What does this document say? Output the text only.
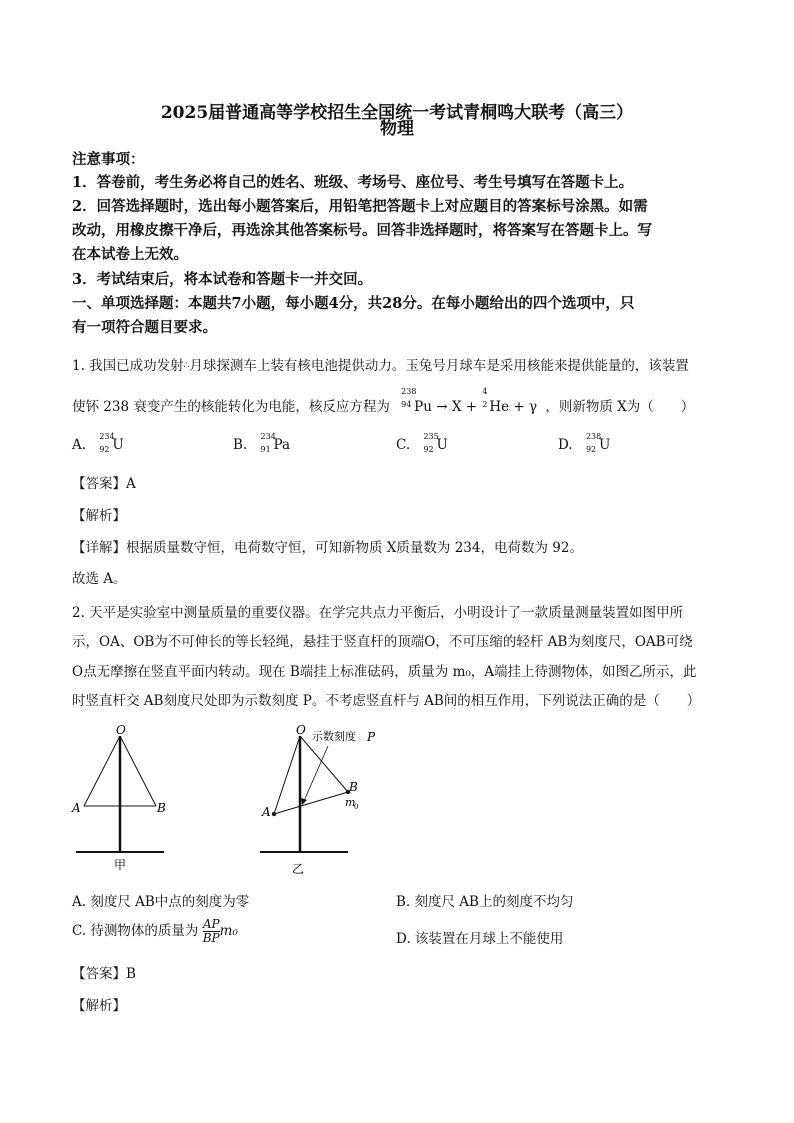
2025届普通高等学校招生全国统一考试青桐鸣大联考（高三）
物理
注意事项：
1．答卷前，考生务必将自己的姓名、班级、考场号、座位号、考生号填写在答题卡上。
2．回答选择题时，选出每小题答案后，用铅笔把答题卡上对应题目的答案标号涂黑。如需
改动，用橡皮擦干净后，再选涂其他答案标号。回答非选择题时，将答案写在答题卡上。写
在本试卷上无效。
3．考试结束后，将本试卷和答题卡一并交回。
一、单项选择题：本题共7小题，每小题4分，共28分。在每小题给出的四个选项中，只
有一项符合题目要求。
1. 我国已成功发射∴月球探测车上装有核电池提供动力。玉兔号月球车是采用核能来提供能量的，该装置
使钚 238 衰变产生的核能转化为电能，核反应方程为
238
94 Pu → X +
4
2 He + γ ，则新物质 X为（　　）
A.
234
92 U	B.
234
91 Pa	C.
235
92 U	D.
238
92 U
【答案】A
【解析】
【详解】根据质量数守恒，电荷数守恒，可知新物质 X质量数为 234，电荷数为 92。
故选 A。
2. 天平是实验室中测量质量的重要仪器。在学完共点力平衡后，小明设计了一款质量测量装置如图甲所
示，OA、OB为不可伸长的等长轻绳，悬挂于竖直杆的顶端O，不可压缩的轻杆 AB为刻度尺，OAB可绕
O点无摩擦在竖直平面内转动。现在 B端挂上标准砝码，质量为 m₀，A端挂上待测物体，如图乙所示，此
时竖直杆交 AB刻度尺处即为示数刻度 P。不考虑竖直杆与 AB间的相互作用，下列说法正确的是（　　）
O
A	B
甲
O 示数刻度 P
A
B
m
0
乙
A. 刻度尺 AB中点的刻度为零	B. 刻度尺 AB上的刻度不均匀
C. 待测物体的质量为 $\frac{AP}{BP} m_0$	D. 该装置在月球上不能使用
【答案】B
【解析】
